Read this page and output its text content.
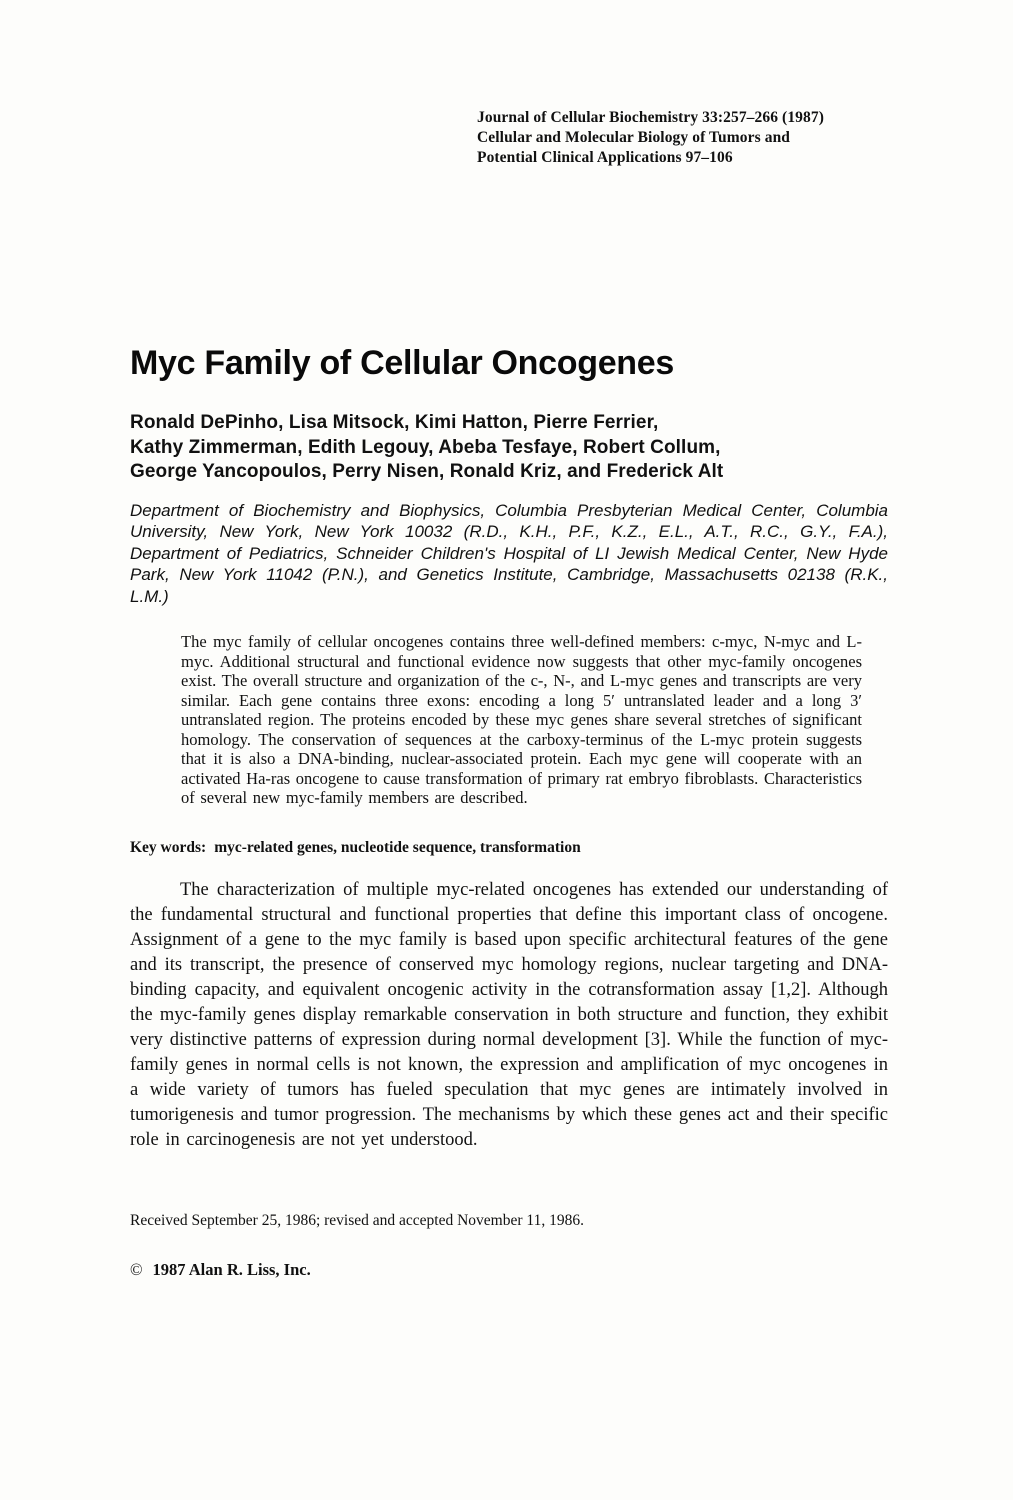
Journal of Cellular Biochemistry 33:257–266 (1987)
Cellular and Molecular Biology of Tumors and
Potential Clinical Applications 97–106
Myc Family of Cellular Oncogenes
Ronald DePinho, Lisa Mitsock, Kimi Hatton, Pierre Ferrier,
Kathy Zimmerman, Edith Legouy, Abeba Tesfaye, Robert Collum,
George Yancopoulos, Perry Nisen, Ronald Kriz, and Frederick Alt

Department of Biochemistry and Biophysics, Columbia Presbyterian Medical Center, Columbia University, New York, New York 10032 (R.D., K.H., P.F., K.Z., E.L., A.T., R.C., G.Y., F.A.), Department of Pediatrics, Schneider Children's Hospital of LI Jewish Medical Center, New Hyde Park, New York 11042 (P.N.), and Genetics Institute, Cambridge, Massachusetts 02138 (R.K., L.M.)

The myc family of cellular oncogenes contains three well-defined members: c-myc, N-myc and L-myc. Additional structural and functional evidence now suggests that other myc-family oncogenes exist. The overall structure and organization of the c-, N-, and L-myc genes and transcripts are very similar. Each gene contains three exons: encoding a long 5′ untranslated leader and a long 3′ untranslated region. The proteins encoded by these myc genes share several stretches of significant homology. The conservation of sequences at the carboxy-terminus of the L-myc protein suggests that it is also a DNA-binding, nuclear-associated protein. Each myc gene will cooperate with an activated Ha-ras oncogene to cause transformation of primary rat embryo fibroblasts. Characteristics of several new myc-family members are described.

Key words: myc-related genes, nucleotide sequence, transformation

The characterization of multiple myc-related oncogenes has extended our understanding of the fundamental structural and functional properties that define this important class of oncogene. Assignment of a gene to the myc family is based upon specific architectural features of the gene and its transcript, the presence of conserved myc homology regions, nuclear targeting and DNA-binding capacity, and equivalent oncogenic activity in the cotransformation assay [1,2]. Although the myc-family genes display remarkable conservation in both structure and function, they exhibit very distinctive patterns of expression during normal development [3]. While the function of myc-family genes in normal cells is not known, the expression and amplification of myc oncogenes in a wide variety of tumors has fueled speculation that myc genes are intimately involved in tumorigenesis and tumor progression. The mechanisms by which these genes act and their specific role in carcinogenesis are not yet understood.

Received September 25, 1986; revised and accepted November 11, 1986.

© 1987 Alan R. Liss, Inc.
